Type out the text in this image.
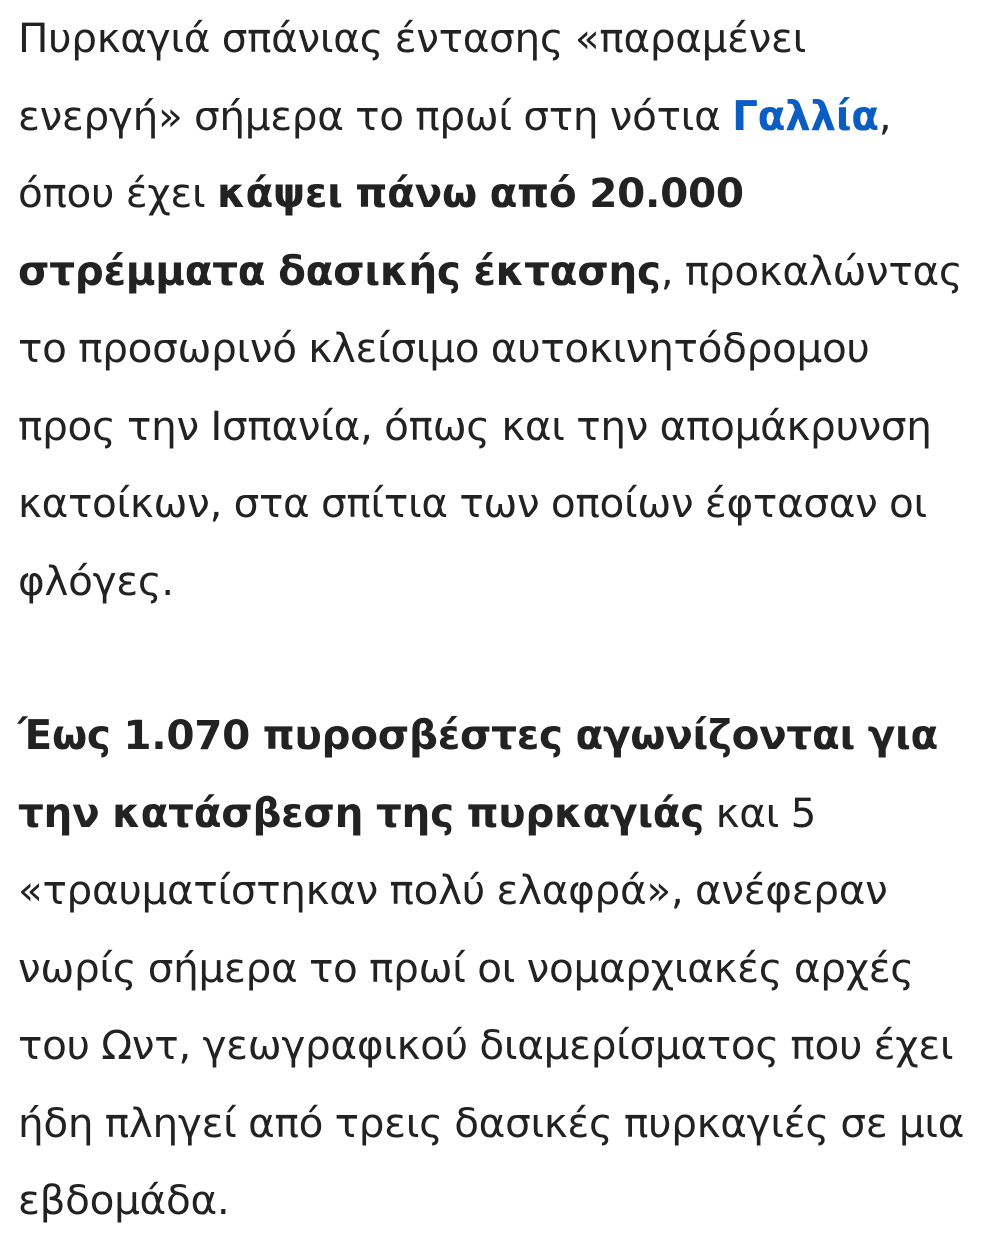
Πυρκαγιά σπάνιας έντασης «παραμένει ενεργή» σήμερα το πρωί στη νότια Γαλλία, όπου έχει κάψει πάνω από 20.000 στρέμματα δασικής έκτασης, προκαλώντας το προσωρινό κλείσιμο αυτοκινητόδρομου προς την Ισπανία, όπως και την απομάκρυνση κατοίκων, στα σπίτια των οποίων έφτασαν οι φλόγες.

Έως 1.070 πυροσβέστες αγωνίζονται για την κατάσβεση της πυρκαγιάς και 5 «τραυματίστηκαν πολύ ελαφρά», ανέφεραν νωρίς σήμερα το πρωί οι νομαρχιακές αρχές του Ωντ, γεωγραφικού διαμερίσματος που έχει ήδη πληγεί από τρεις δασικές πυρκαγιές σε μια εβδομάδα.
